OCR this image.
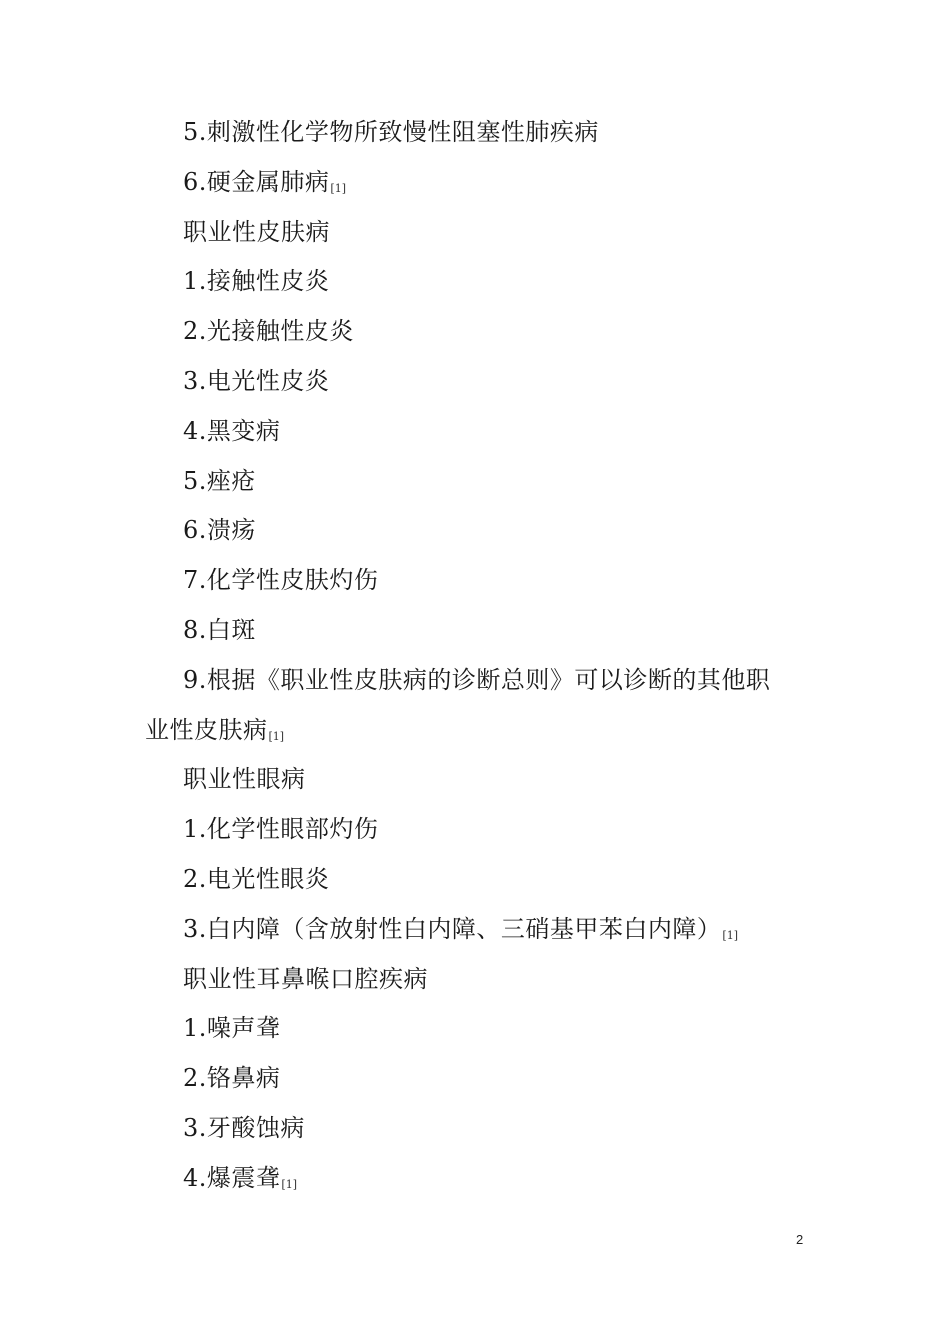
5.刺激性化学物所致慢性阻塞性肺疾病
6.硬金属肺病[1]
职业性皮肤病
1.接触性皮炎
2.光接触性皮炎
3.电光性皮炎
4.黑变病
5.痤疮
6.溃疡
7.化学性皮肤灼伤
8.白斑
9.根据《职业性皮肤病的诊断总则》可以诊断的其他职
业性皮肤病[1]
职业性眼病
1.化学性眼部灼伤
2.电光性眼炎
3.白内障（含放射性白内障、三硝基甲苯白内障）[1]
职业性耳鼻喉口腔疾病
1.噪声聋
2.铬鼻病
3.牙酸蚀病
4.爆震聋[1]
2
